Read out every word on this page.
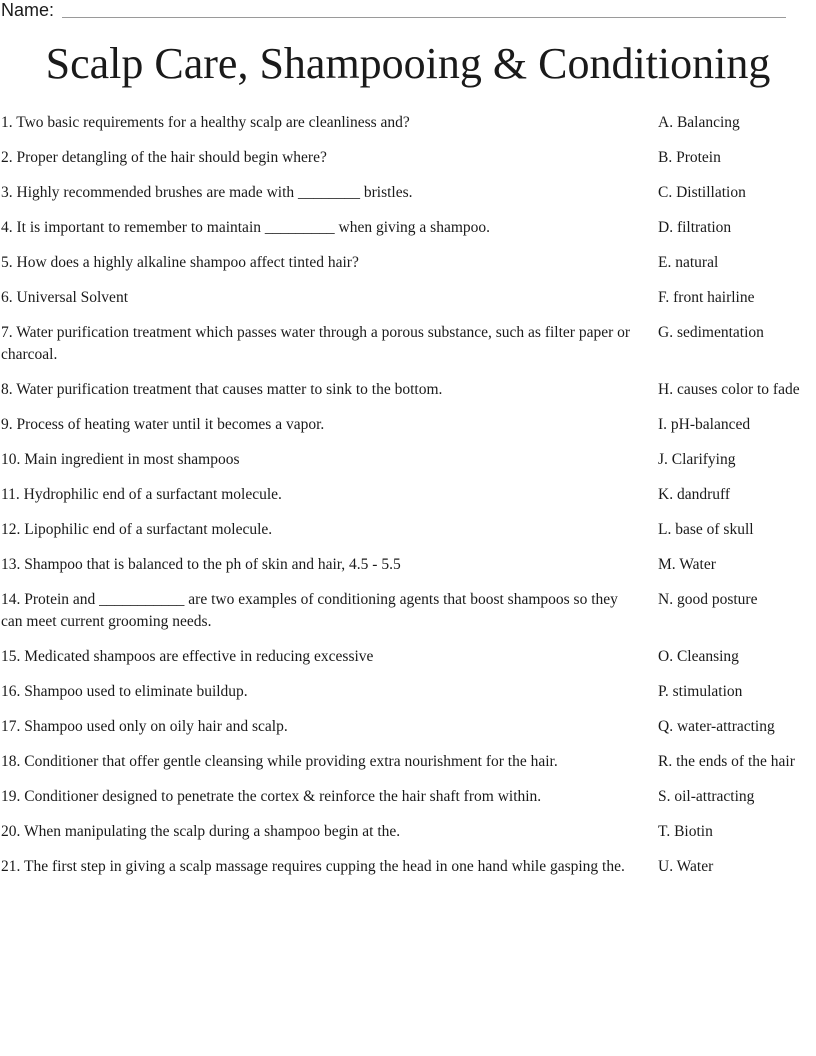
Name:
Scalp Care, Shampooing & Conditioning
1. Two basic requirements for a healthy scalp are cleanliness and?	A. Balancing
2. Proper detangling of the hair should begin where?	B. Protein
3. Highly recommended brushes are made with ________ bristles.	C. Distillation
4. It is important to remember to maintain _________ when giving a shampoo.	D. filtration
5. How does a highly alkaline shampoo affect tinted hair?	E. natural
6. Universal Solvent	F. front hairline
7. Water purification treatment which passes water through a porous substance, such as filter paper or charcoal.
G. sedimentation
8. Water purification treatment that causes matter to sink to the bottom.	H. causes color to fade
9. Process of heating water until it becomes a vapor.	I. pH-balanced
10. Main ingredient in most shampoos	J. Clarifying
11. Hydrophilic end of a surfactant molecule.	K. dandruff
12. Lipophilic end of a surfactant molecule.	L. base of skull
13. Shampoo that is balanced to the ph of skin and hair, 4.5 - 5.5	M. Water
14. Protein and ___________ are two examples of conditioning agents that boost shampoos so they can meet current grooming needs.
N. good posture
15. Medicated shampoos are effective in reducing excessive	O. Cleansing
16. Shampoo used to eliminate buildup.	P. stimulation
17. Shampoo used only on oily hair and scalp.	Q. water-attracting
18. Conditioner that offer gentle cleansing while providing extra nourishment for the hair.	R. the ends of the hair
19. Conditioner designed to penetrate the cortex & reinforce the hair shaft from within.	S. oil-attracting
20. When manipulating the scalp during a shampoo begin at the.	T. Biotin
21. The first step in giving a scalp massage requires cupping the head in one hand while gasping the.	U. Water
